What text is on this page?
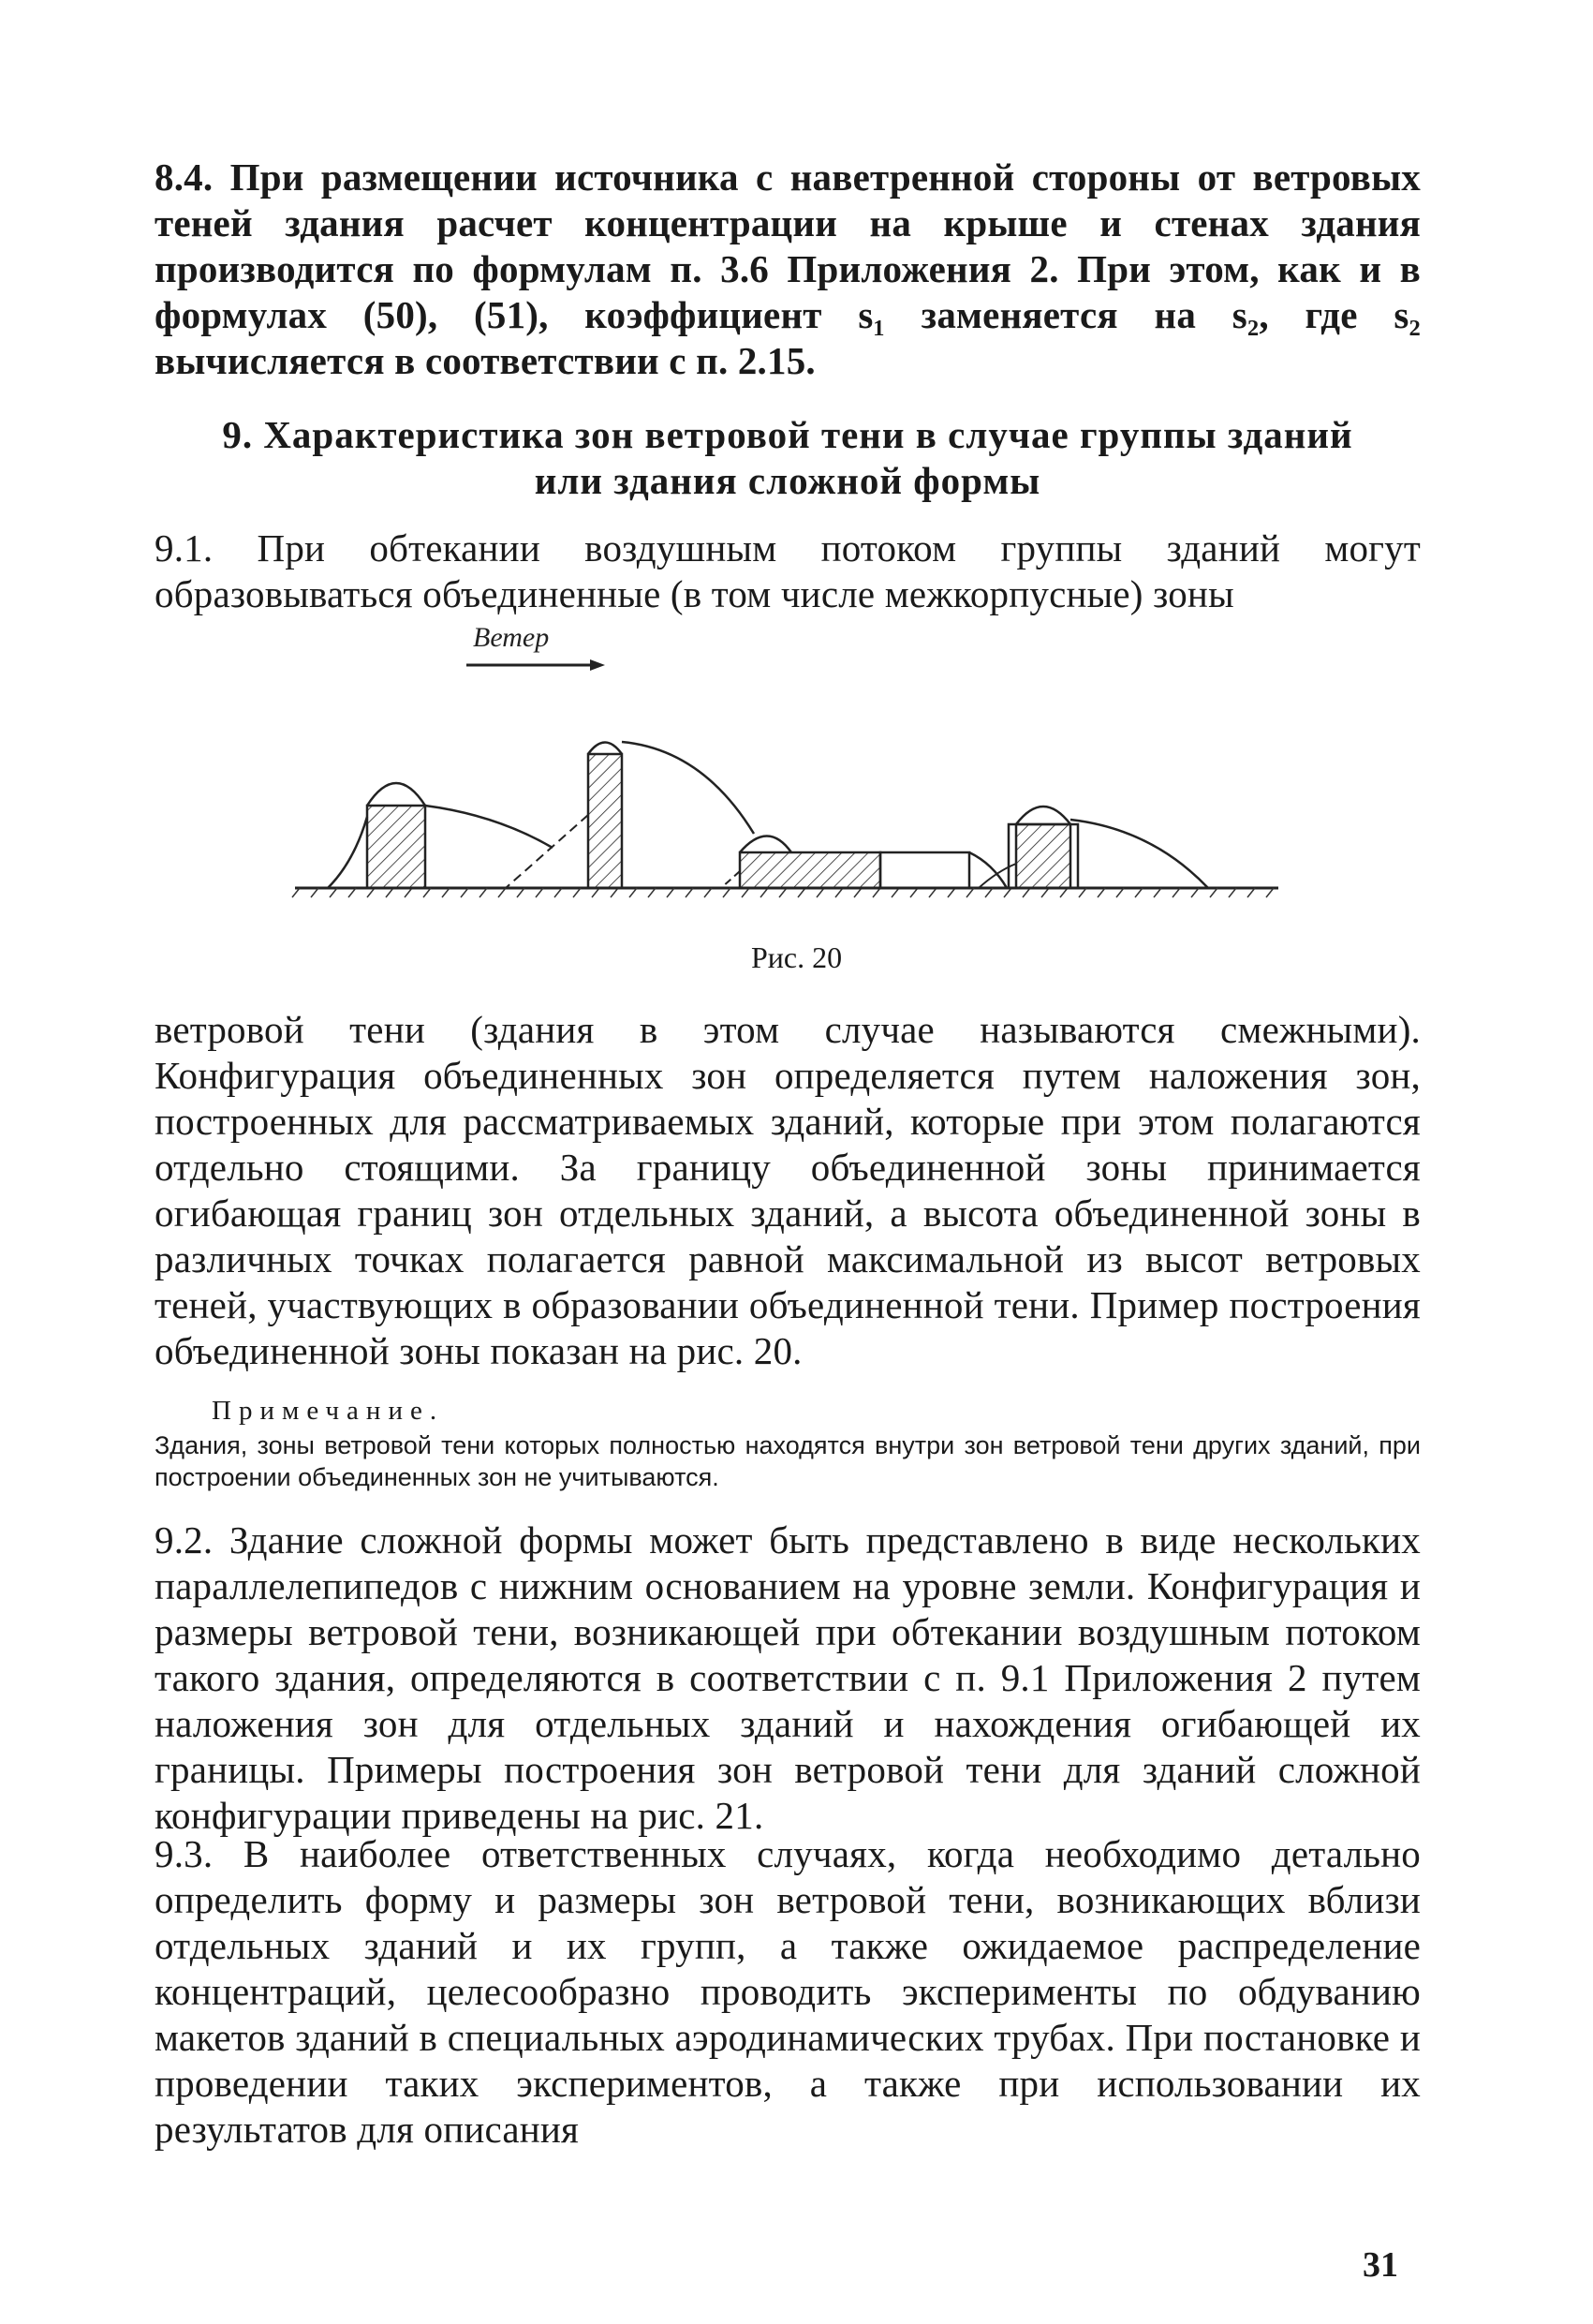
8.4. При размещении источника с наветренной стороны от ветровых теней здания расчет концентрации на крыше и стенах здания производится по формулам п. 3.6 Приложения 2. При этом, как и в формулах (50), (51), коэффициент s₁ заменяется на s₂, где s₂ вычисляется в соответствии с п. 2.15.

9. Характеристика зон ветровой тени в случае группы зданий

или здания сложной формы

9.1. При обтекании воздушным потоком группы зданий могут образовываться объединенные (в том числе межкорпусные) зоны

Ветер

Рис. 20

ветровой тени (здания в этом случае называются смежными). Конфигурация объединенных зон определяется путем наложения зон, построенных для рассматриваемых зданий, которые при этом полагаются отдельно стоящими. За границу объединенной зоны принимается огибающая границ зон отдельных зданий, а высота объединенной зоны в различных точках полагается равной максимальной из высот ветровых теней, участвующих в образовании объединенной тени. Пример построения объединенной зоны показан на рис. 20.

Примечание.

Здания, зоны ветровой тени которых полностью находятся внутри зон ветровой тени других зданий, при построении объединенных зон не учитываются.

9.2. Здание сложной формы может быть представлено в виде нескольких параллелепипедов с нижним основанием на уровне земли. Конфигурация и размеры ветровой тени, возникающей при обтекании воздушным потоком такого здания, определяются в соответствии с п. 9.1 Приложения 2 путем наложения зон для отдельных зданий и нахождения огибающей их границы. Примеры построения зон ветровой тени для зданий сложной конфигурации приведены на рис. 21.

9.3. В наиболее ответственных случаях, когда необходимо детально определить форму и размеры зон ветровой тени, возникающих вблизи отдельных зданий и их групп, а также ожидаемое распределение концентраций, целесообразно проводить эксперименты по обдуванию макетов зданий в специальных аэродинамических трубах. При постановке и проведении таких экспериментов, а также при использовании их результатов для описания

31
